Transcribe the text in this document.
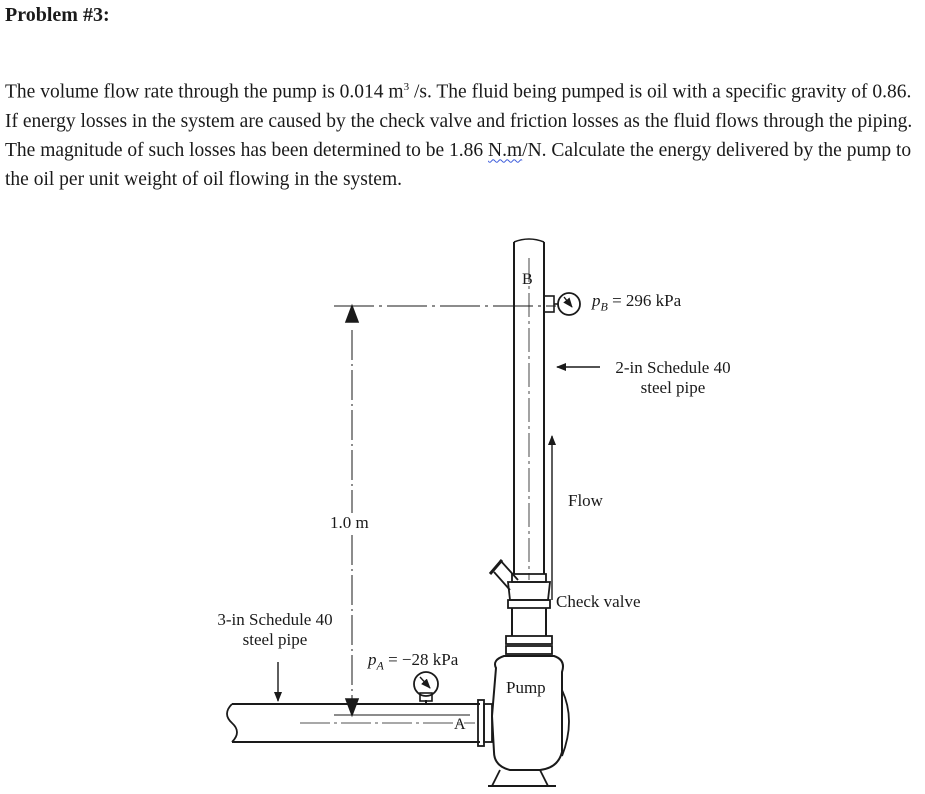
Problem #3:
The volume flow rate through the pump is 0.014 $m^3$ /s. The fluid being pumped is oil with a specific gravity of 0.86. If energy losses in the system are caused by the check valve and friction losses as the fluid flows through the piping. The magnitude of such losses has been determined to be 1.86 N.m/N. Calculate the energy delivered by the pump to the oil per unit weight of oil flowing in the system.
B
A
$p_B = 296$ kPa
$p_A = -28$ kPa
2-in Schedule 40
steel pipe
3-in Schedule 40
steel pipe
Flow
Check valve
Pump
1.0 m
